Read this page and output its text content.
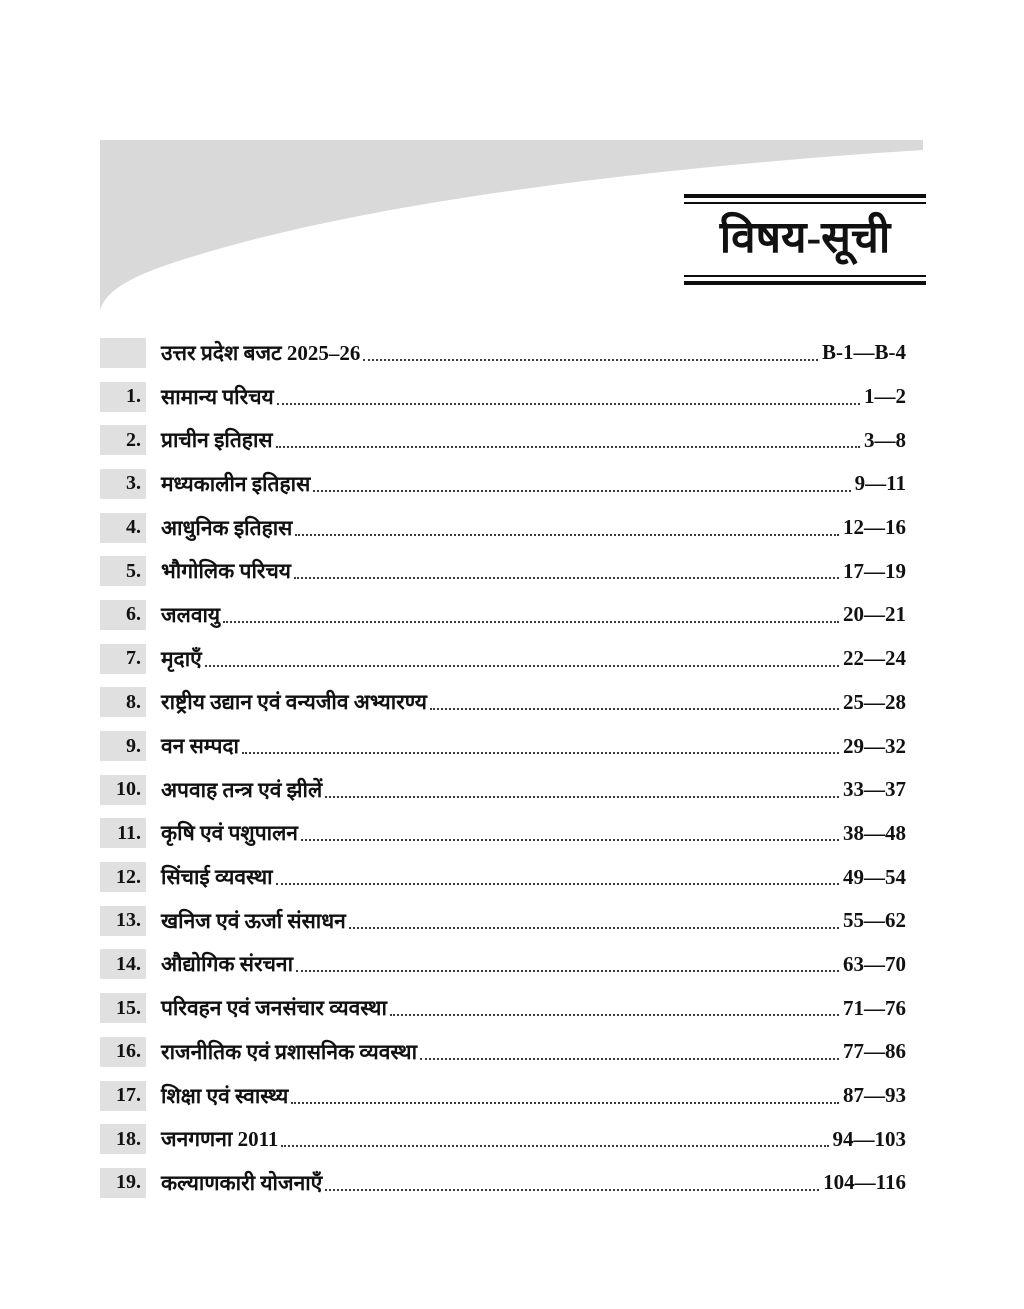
विषय-सूची
उत्तर प्रदेश बजट 2025–26	B-1—B-4
1. सामान्य परिचय	1—2
2. प्राचीन इतिहास	3—8
3. मध्यकालीन इतिहास	9—11
4. आधुनिक इतिहास	12—16
5. भौगोलिक परिचय	17—19
6. जलवायु	20—21
7. मृदाएँ	22—24
8. राष्ट्रीय उद्यान एवं वन्यजीव अभ्यारण्य	25—28
9. वन सम्पदा	29—32
10. अपवाह तन्त्र एवं झीलें	33—37
11. कृषि एवं पशुपालन	38—48
12. सिंचाई व्यवस्था	49—54
13. खनिज एवं ऊर्जा संसाधन	55—62
14. औद्योगिक संरचना	63—70
15. परिवहन एवं जनसंचार व्यवस्था	71—76
16. राजनीतिक एवं प्रशासनिक व्यवस्था	77—86
17. शिक्षा एवं स्वास्थ्य	87—93
18. जनगणना 2011	94—103
19. कल्याणकारी योजनाएँ	104—116
